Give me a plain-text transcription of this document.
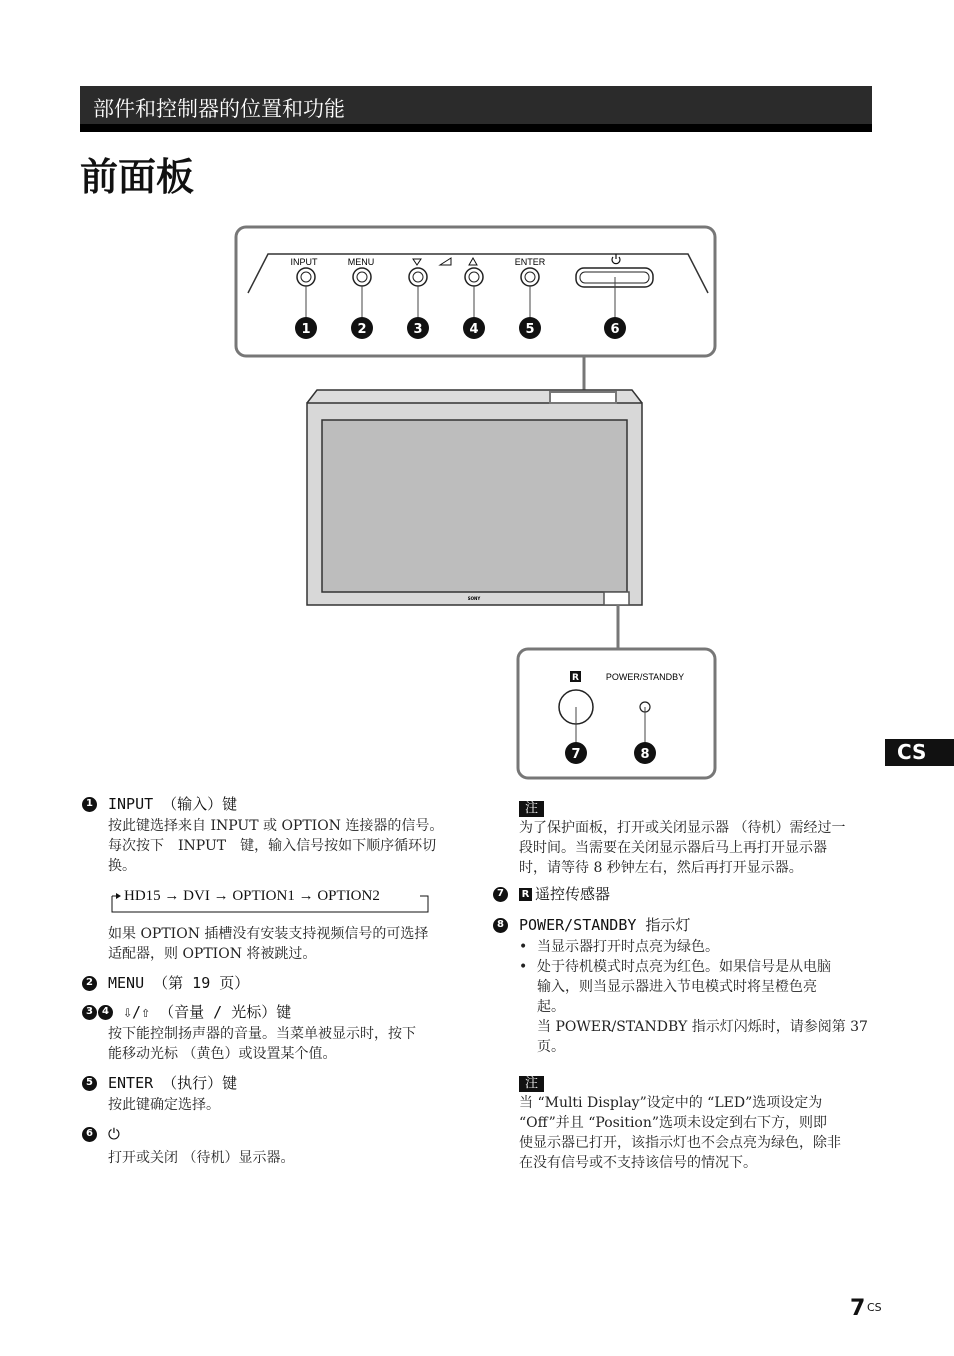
部件和控制器的位置和功能
前面板
CS
INPUT	MENU	ENTER
1	2	3	4	5	6
SONY
R	POWER/STANDBY
7	8
1 INPUT （输入）键
按此键选择来自 INPUT 或 OPTION 连接器的信号。
每次按下　INPUT　键，输入信号按如下顺序循环切
换。
HD15 → DVI → OPTION1 → OPTION2
如果 OPTION 插槽没有安装支持视频信号的可选择
适配器，则 OPTION 将被跳过。
2 MENU （第 19 页）
3 4 ⇩/⇧ （音量 / 光标）键
按下能控制扬声器的音量。当菜单被显示时，按下
能移动光标 （黄色）或设置某个值。
5 ENTER （执行）键
按此键确定选择。
6 ⏻
打开或关闭 （待机）显示器。
注
为了保护面板，打开或关闭显示器 （待机）需经过一
段时间。当需要在关闭显示器后马上再打开显示器
时，请等待 8 秒钟左右，然后再打开显示器。
7	R 遥控传感器
8 POWER/STANDBY 指示灯
• 当显示器打开时点亮为绿色。
• 处于待机模式时点亮为红色。如果信号是从电脑
输入，则当显示器进入节电模式时将呈橙色亮
起。
当 POWER/STANDBY 指示灯闪烁时，请参阅第 37
页。
注
当 “Multi Display”设定中的 “LED”选项设定为
“Off”并且 “Position”选项未设定到右下方，则即
使显示器已打开，该指示灯也不会点亮为绿色，除非
在没有信号或不支持该信号的情况下。
7 CS
